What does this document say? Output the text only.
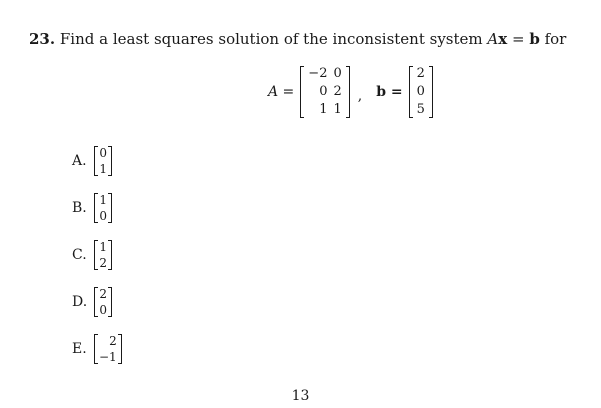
23. Find a least squares solution of the inconsistent system Ax = b for
A =
−2	0
0	2
1	1
, b =
2
0
5
A.	0
1
B.	1
0
C.	1
2
D.	2
0
E.	2
−1
13
